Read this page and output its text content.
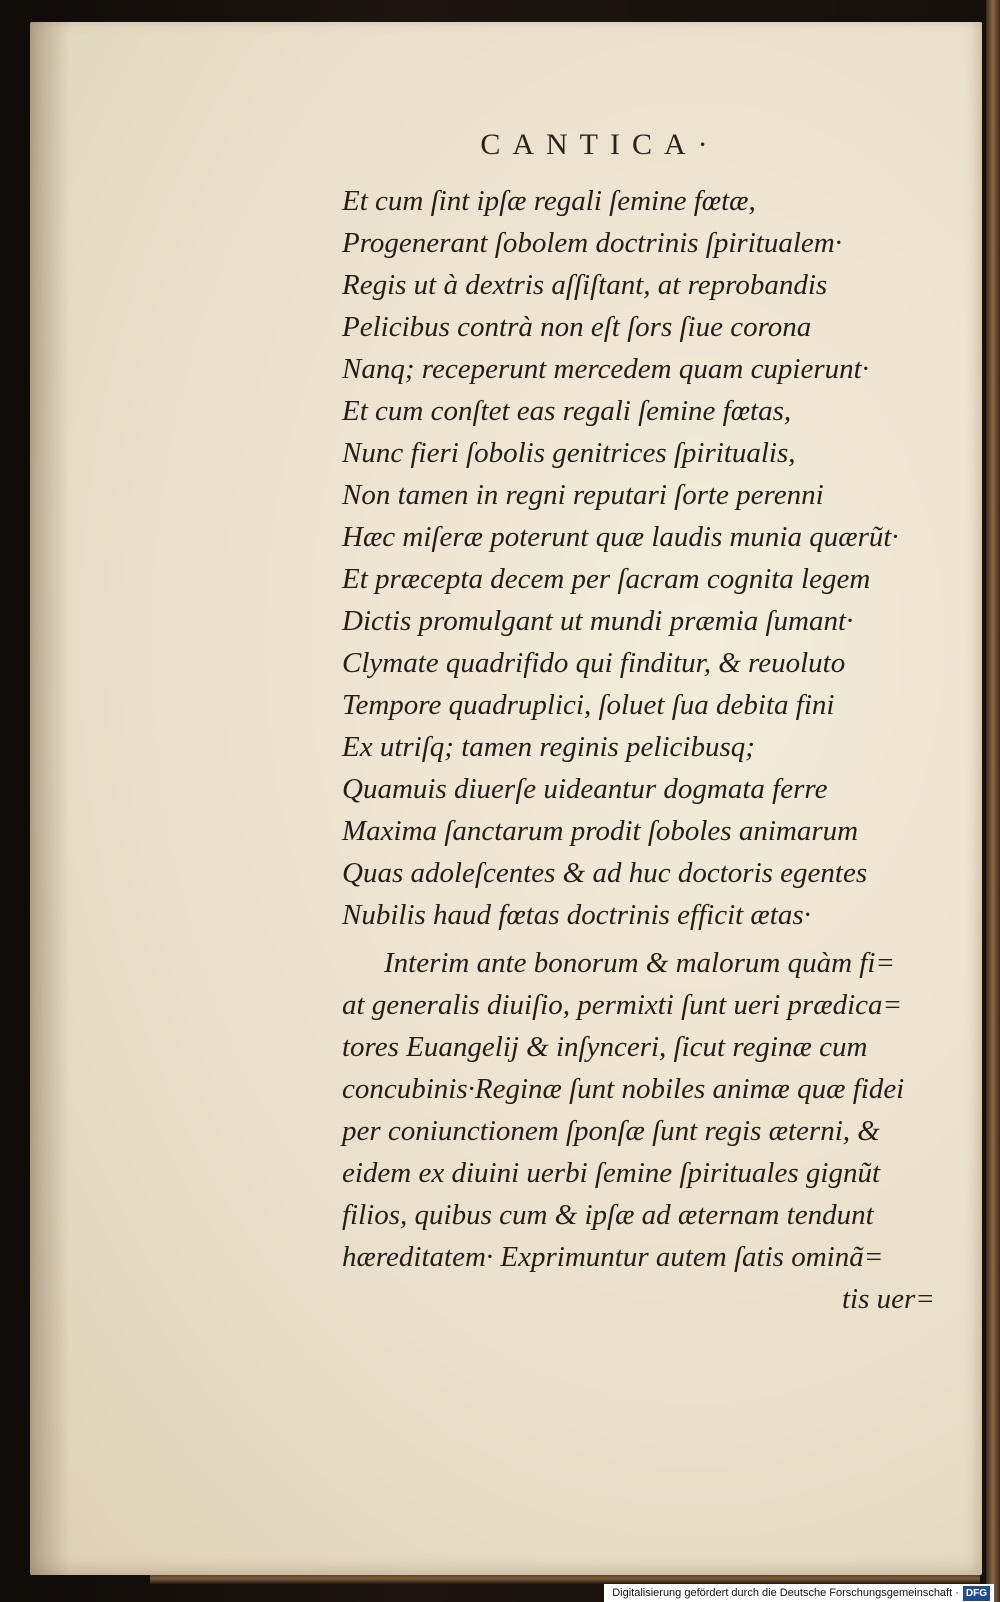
CANTICA·
Et cum ſint ipſæ regali ſemine fœtæ,
Progenerant ſobolem doctrinis ſpiritualem·
Regis ut à dextris aſſiſtant, at reprobandis
Pelicibus contrà non eſt ſors ſiue corona
Nanq; receperunt mercedem quam cupierunt·
Et cum conſtet eas regali ſemine fœtas,
Nunc fieri ſobolis genitrices ſpiritualis,
Non tamen in regni reputari ſorte perenni
Hæc miſeræ poterunt quæ laudis munia quærũt·
Et præcepta decem per ſacram cognita legem
Dictis promulgant ut mundi præmia ſumant·
Clymate quadrifido qui finditur, & reuoluto
Tempore quadruplici, ſoluet ſua debita fini
Ex utriſq; tamen reginis pelicibusq;
Quamuis diuerſe uideantur dogmata ferre
Maxima ſanctarum prodit ſoboles animarum
Quas adoleſcentes & ad huc doctoris egentes
Nubilis haud fœtas doctrinis efficit ætas·
Interim ante bonorum & malorum quàm fi=
at generalis diuiſio, permixti ſunt ueri prædica=
tores Euangelij & inſynceri, ſicut reginæ cum
concubinis·Reginæ ſunt nobiles animæ quæ fidei
per coniunctionem ſponſæ ſunt regis æterni, &
eidem ex diuini uerbi ſemine ſpirituales gignũt
filios, quibus cum & ipſæ ad æternam tendunt
hæreditatem· Exprimuntur autem ſatis ominã=
tis uer=
Digitalisierung gefördert durch die Deutsche Forschungsgemeinschaft · DFG
